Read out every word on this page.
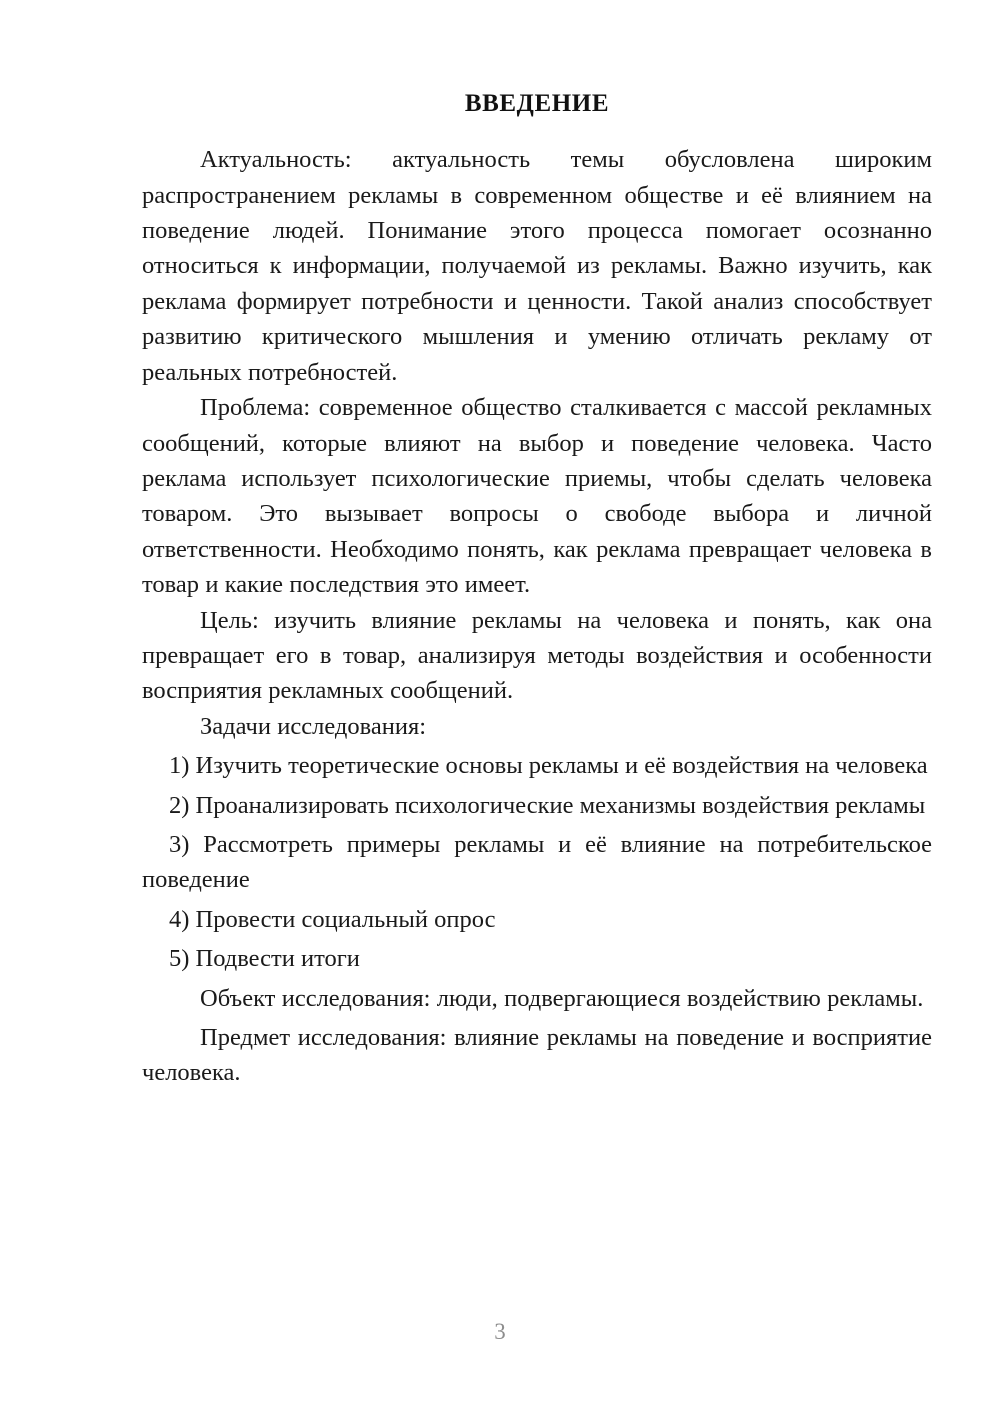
ВВЕДЕНИЕ

Актуальность: актуальность темы обусловлена широким распространением рекламы в современном обществе и её влиянием на поведение людей. Понимание этого процесса помогает осознанно относиться к информации, получаемой из рекламы. Важно изучить, как реклама формирует потребности и ценности. Такой анализ способствует развитию критического мышления и умению отличать рекламу от реальных потребностей.

Проблема: современное общество сталкивается с массой рекламных сообщений, которые влияют на выбор и поведение человека. Часто реклама использует психологические приемы, чтобы сделать человека товаром. Это вызывает вопросы о свободе выбора и личной ответственности. Необходимо понять, как реклама превращает человека в товар и какие последствия это имеет.

Цель: изучить влияние рекламы на человека и понять, как она превращает его в товар, анализируя методы воздействия и особенности восприятия рекламных сообщений.

Задачи исследования:

1) Изучить теоретические основы рекламы и её воздействия на человека

2) Проанализировать психологические механизмы воздействия рекламы

3) Рассмотреть примеры рекламы и её влияние на потребительское поведение

4) Провести социальный опрос

5) Подвести итоги

Объект исследования: люди, подвергающиеся воздействию рекламы.

Предмет исследования: влияние рекламы на поведение и восприятие человека.

3
